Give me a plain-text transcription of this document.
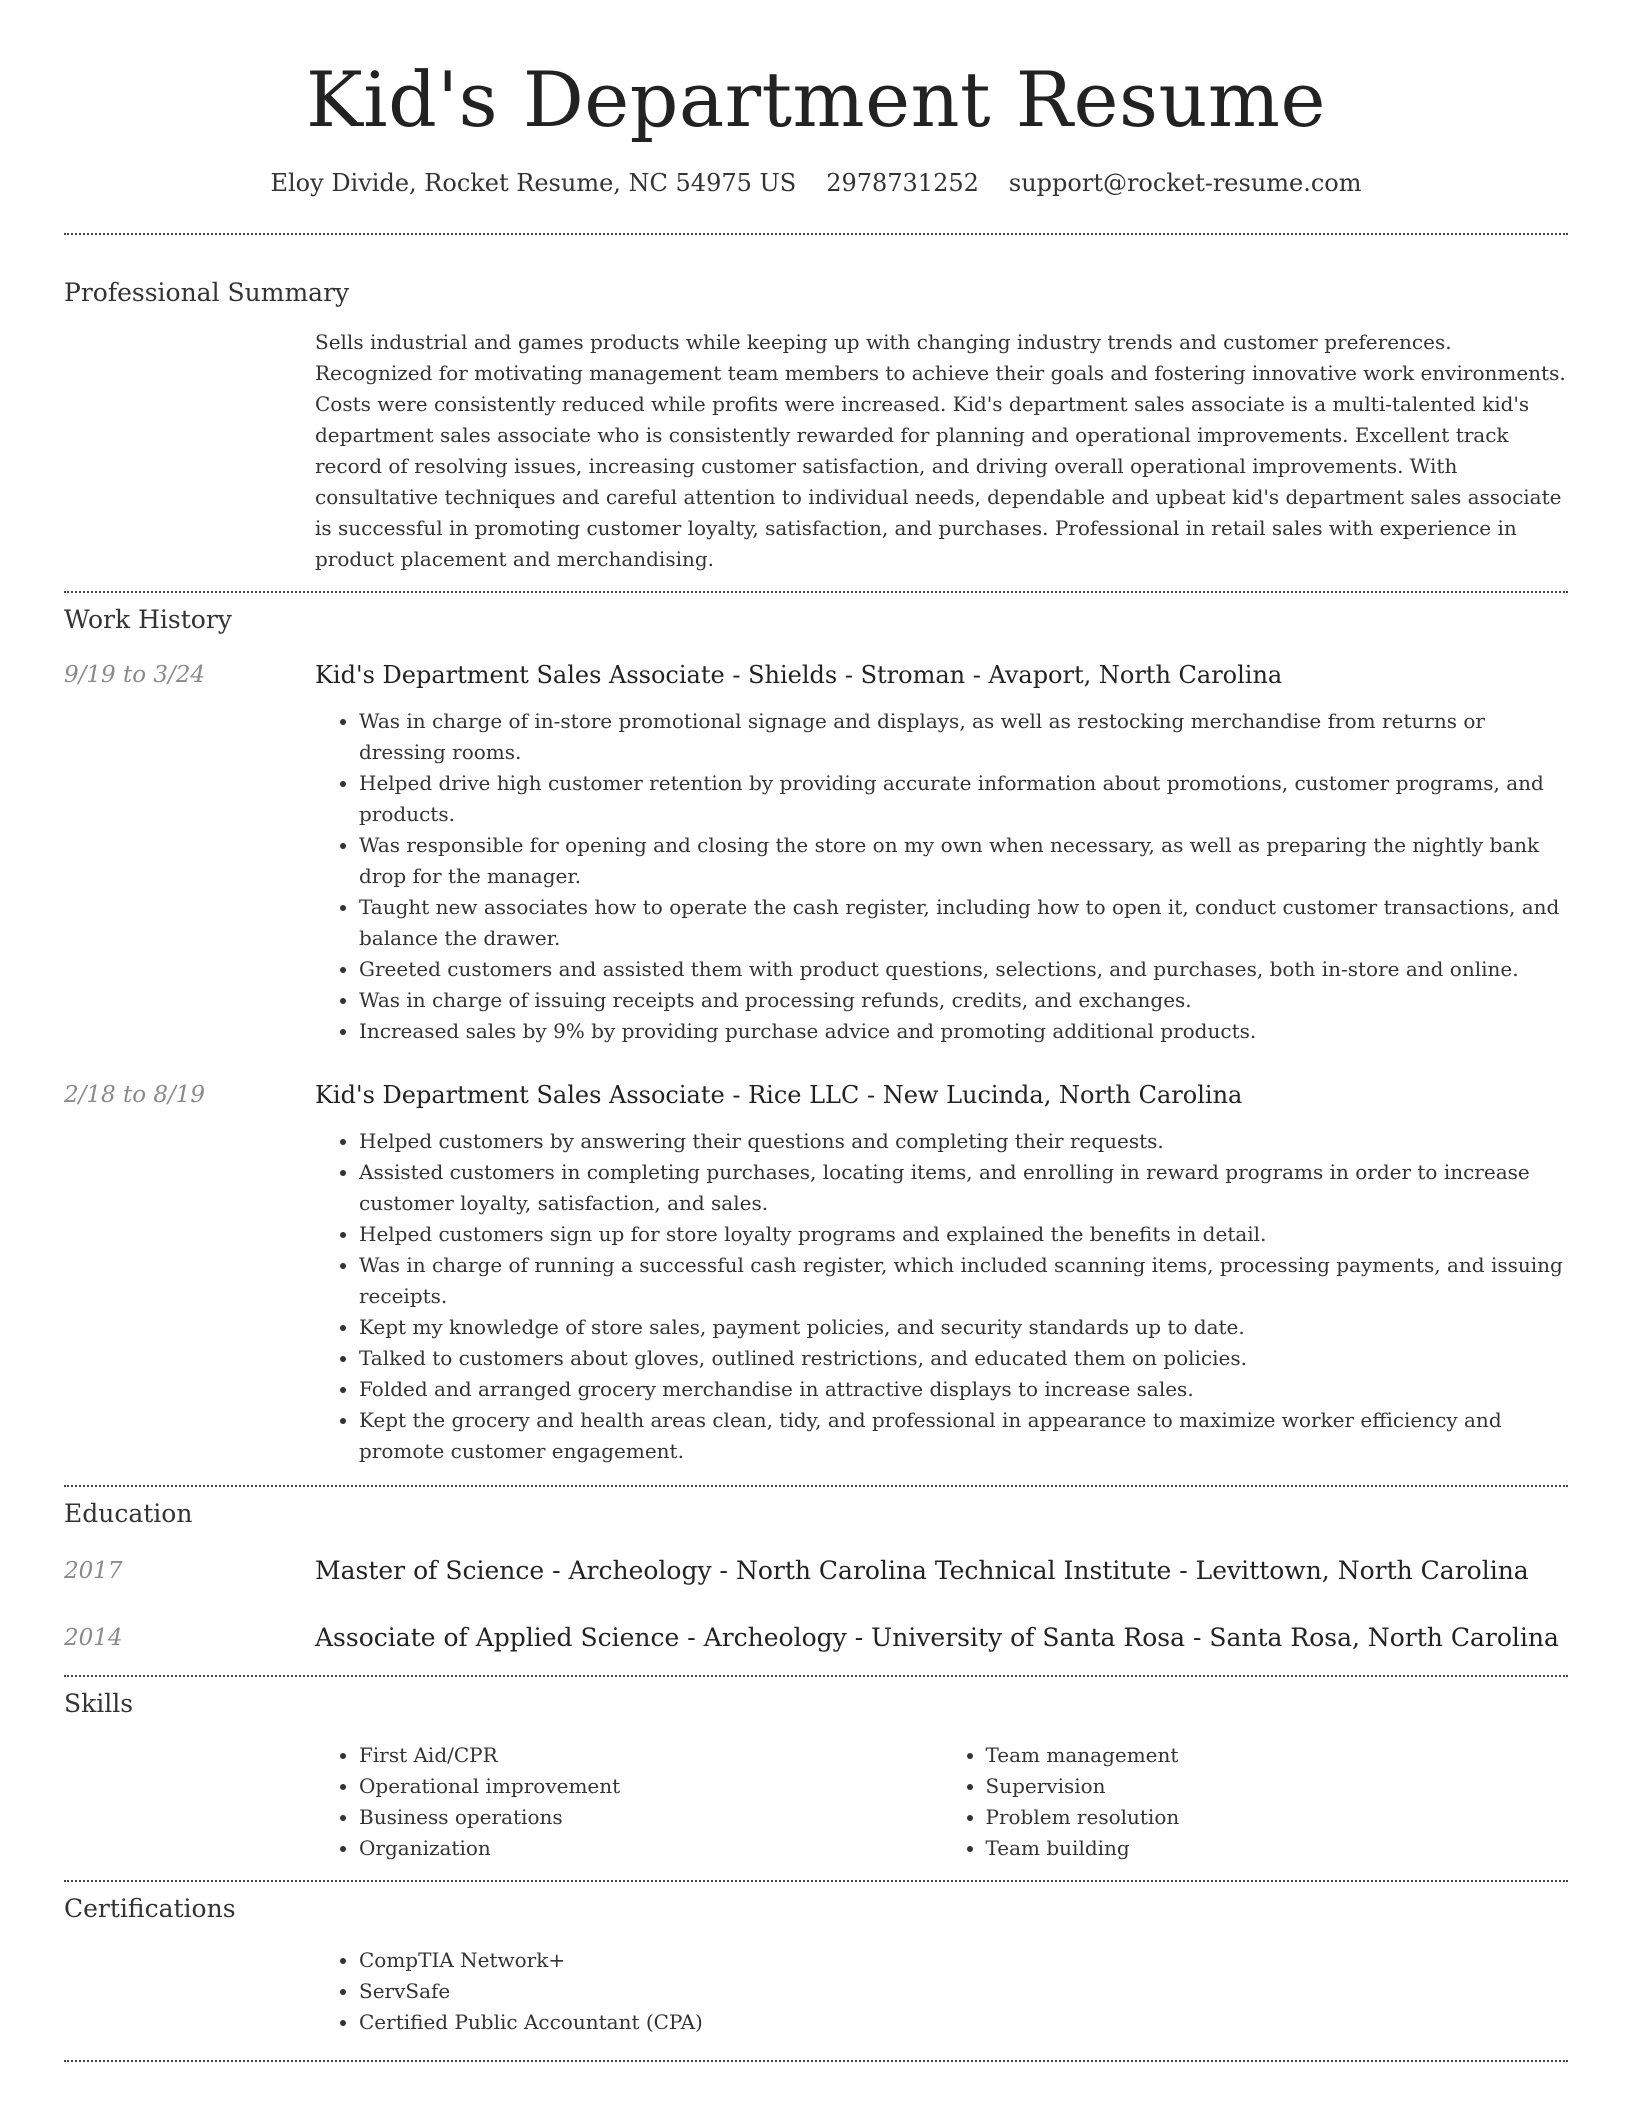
Kid's Department Resume
Eloy Divide, Rocket Resume, NC 54975 US 2978731252 support@rocket-resume.com
Professional Summary

Sells industrial and games products while keeping up with changing industry trends and customer preferences. Recognized for motivating management team members to achieve their goals and fostering innovative work environments. Costs were consistently reduced while profits were increased. Kid's department sales associate is a multi-talented kid's department sales associate who is consistently rewarded for planning and operational improvements. Excellent track record of resolving issues, increasing customer satisfaction, and driving overall operational improvements. With consultative techniques and careful attention to individual needs, dependable and upbeat kid's department sales associate is successful in promoting customer loyalty, satisfaction, and purchases. Professional in retail sales with experience in product placement and merchandising.

Work History
9/19 to 3/24	Kid's Department Sales Associate - Shields - Stroman - Avaport, North Carolina
• Was in charge of in-store promotional signage and displays, as well as restocking merchandise from returns or dressing rooms.
• Helped drive high customer retention by providing accurate information about promotions, customer programs, and products.
• Was responsible for opening and closing the store on my own when necessary, as well as preparing the nightly bank drop for the manager.
• Taught new associates how to operate the cash register, including how to open it, conduct customer transactions, and balance the drawer.
• Greeted customers and assisted them with product questions, selections, and purchases, both in-store and online.
• Was in charge of issuing receipts and processing refunds, credits, and exchanges.
• Increased sales by 9% by providing purchase advice and promoting additional products.
2/18 to 8/19	Kid's Department Sales Associate - Rice LLC - New Lucinda, North Carolina
• Helped customers by answering their questions and completing their requests.
• Assisted customers in completing purchases, locating items, and enrolling in reward programs in order to increase customer loyalty, satisfaction, and sales.
• Helped customers sign up for store loyalty programs and explained the benefits in detail.
• Was in charge of running a successful cash register, which included scanning items, processing payments, and issuing receipts.
• Kept my knowledge of store sales, payment policies, and security standards up to date.
• Talked to customers about gloves, outlined restrictions, and educated them on policies.
• Folded and arranged grocery merchandise in attractive displays to increase sales.
• Kept the grocery and health areas clean, tidy, and professional in appearance to maximize worker efficiency and promote customer engagement.
Education
2017	Master of Science - Archeology - North Carolina Technical Institute - Levittown, North Carolina
2014	Associate of Applied Science - Archeology - University of Santa Rosa - Santa Rosa, North Carolina
Skills
• First Aid/CPR
• Operational improvement
• Business operations
• Organization
• Team management
• Supervision
• Problem resolution
• Team building
Certifications
• CompTIA Network+
• ServSafe
• Certified Public Accountant (CPA)
